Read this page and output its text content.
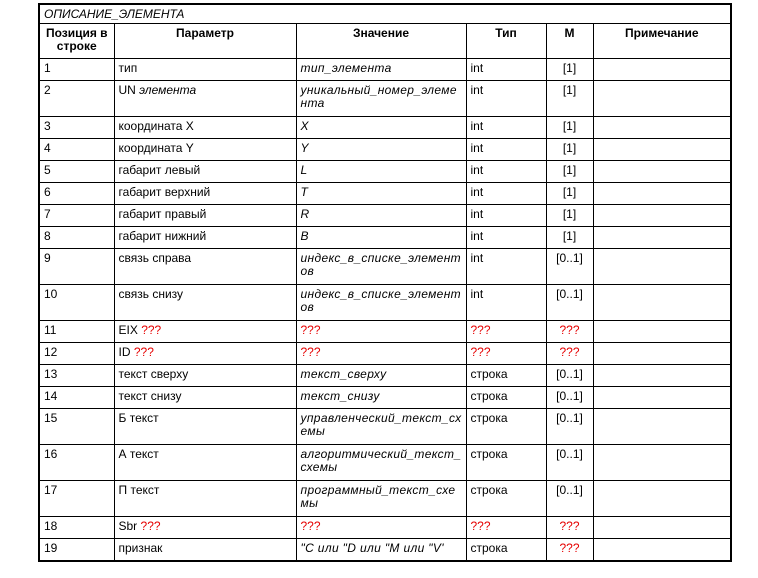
ОПИСАНИЕ_ЭЛЕМЕНТА					
Позиция в строке	Параметр	Значение	Тип	М	Примечание
1	тип	тип_элемента	int	[1]	
2	UN элемента	уникальный_номер_элемента	int	[1]	
3	координата X	X	int	[1]	
4	координата Y	Y	int	[1]	
5	габарит левый	L	int	[1]	
6	габарит верхний	T	int	[1]	
7	габарит правый	R	int	[1]	
8	габарит нижний	B	int	[1]	
9	связь справа	индекс_в_списке_элементов	int	[0..1]	
10	связь снизу	индекс_в_списке_элементов	int	[0..1]	
11	EIX ???	???	???	???	
12	ID ???	???	???	???	
13	текст сверху	текст_сверху	строка	[0..1]	
14	текст снизу	текст_снизу	строка	[0..1]	
15	Б текст	управленческий_текст_схемы	строка	[0..1]	
16	А текст	алгоритмический_текст_схемы	строка	[0..1]	
17	П текст	программный_текст_схемы	строка	[0..1]	
18	Sbr ???	???	???	???	
19	признак	"C или "D или "M или "V'	строка	???	
